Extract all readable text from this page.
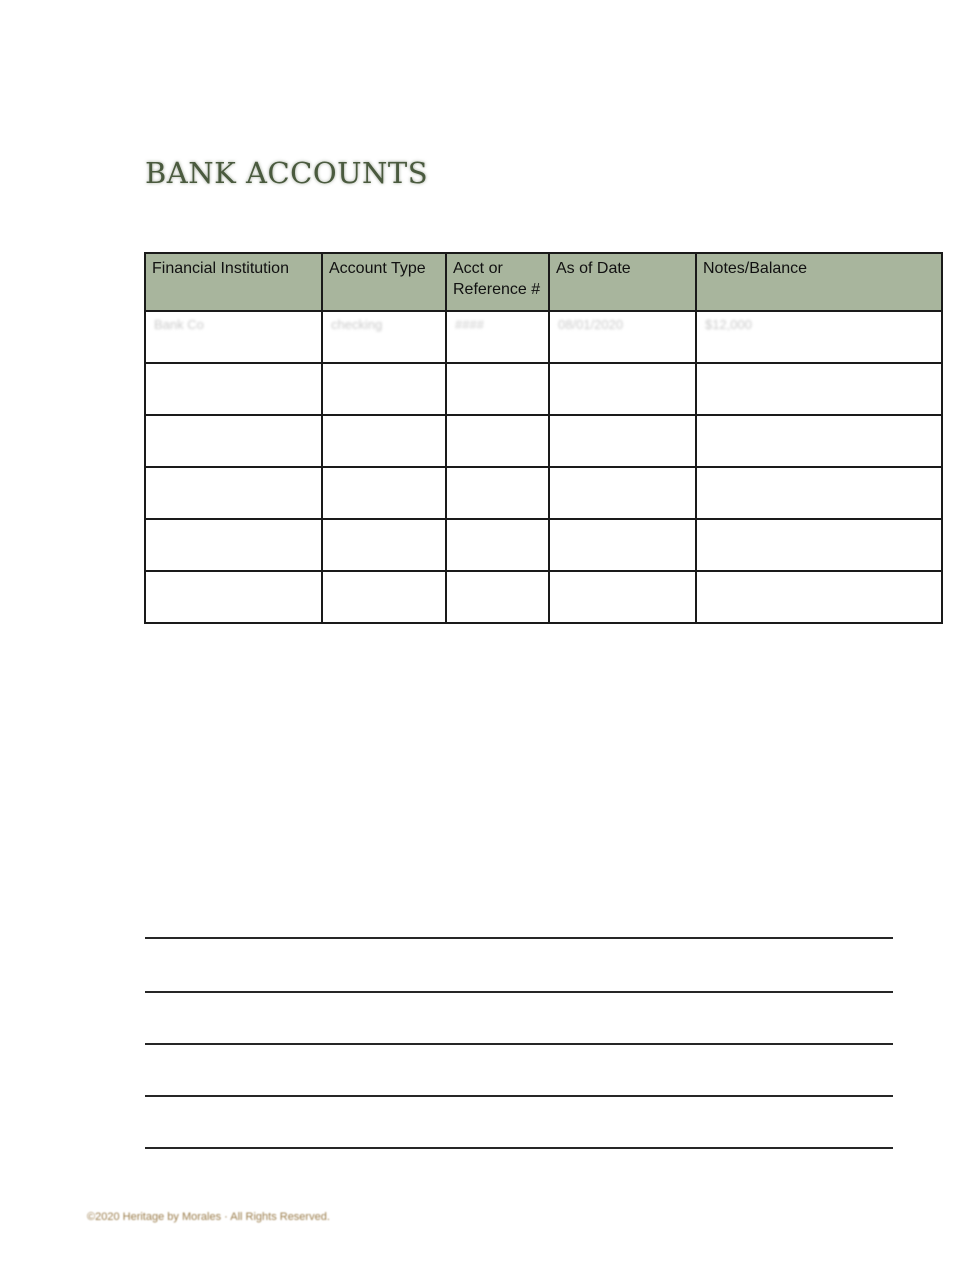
BANK ACCOUNTS
Financial Institution	Account Type	Acct or Reference #	As of Date	Notes/Balance
Bank Co	checking	####	08/01/2020	$12,000

©2020 Heritage by Morales · All Rights Reserved.
